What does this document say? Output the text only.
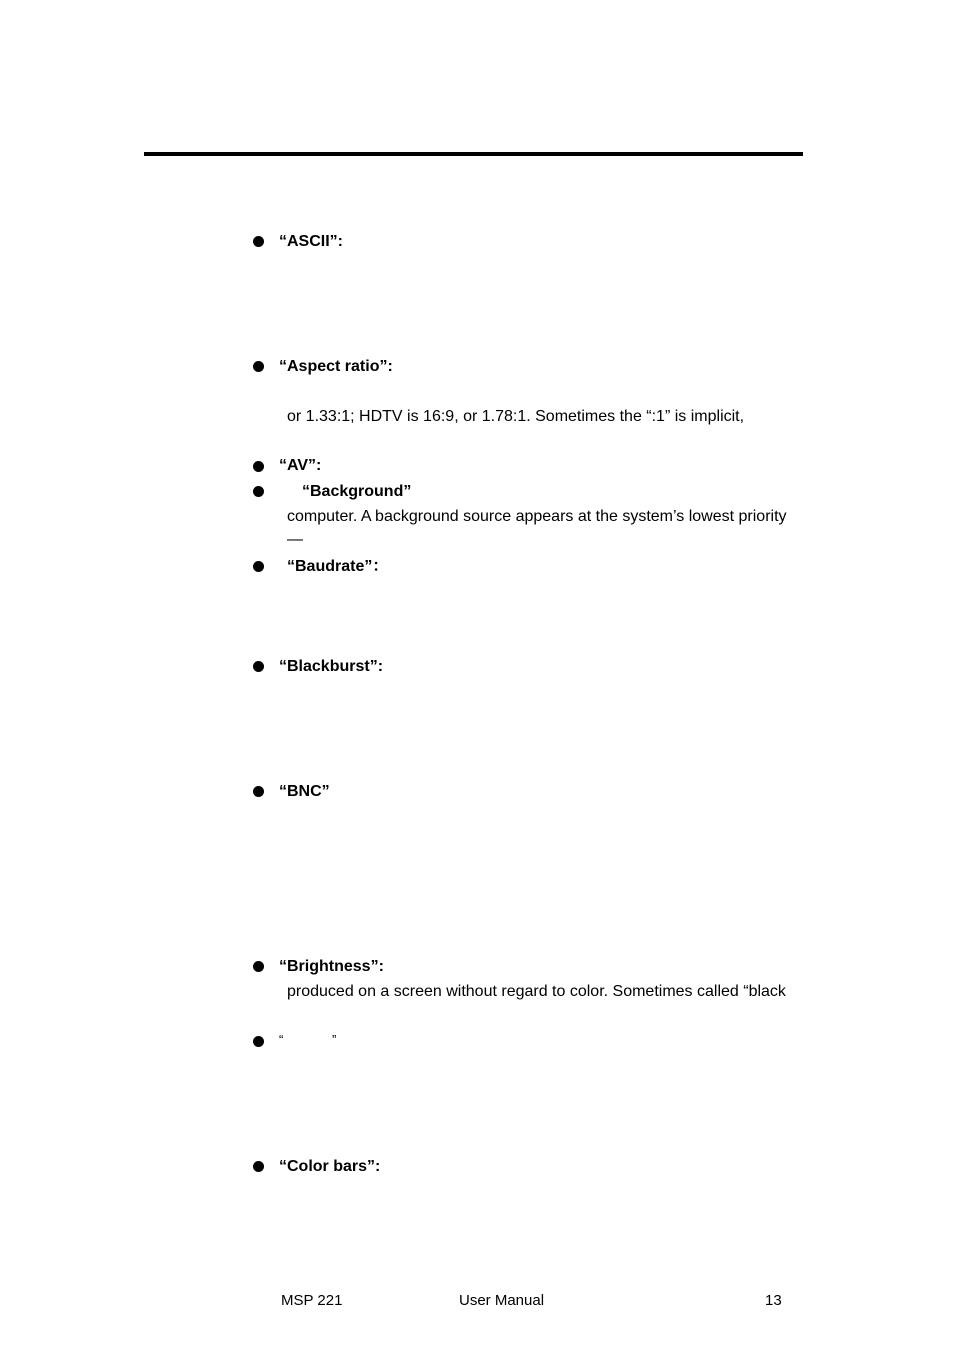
“ASCII”:
“Aspect ratio”:
or 1.33:1; HDTV is 16:9, or 1.78:1. Sometimes the “:1” is implicit,
“AV”:
“Background”
computer. A background source appears at the system’s lowest priority
—
“Baudrate”：
“Blackburst”:
“BNC”
“Brightness”:
produced on a screen without regard to color. Sometimes called “black
“	”
“Color bars”:
MSP 221	User Manual	13
